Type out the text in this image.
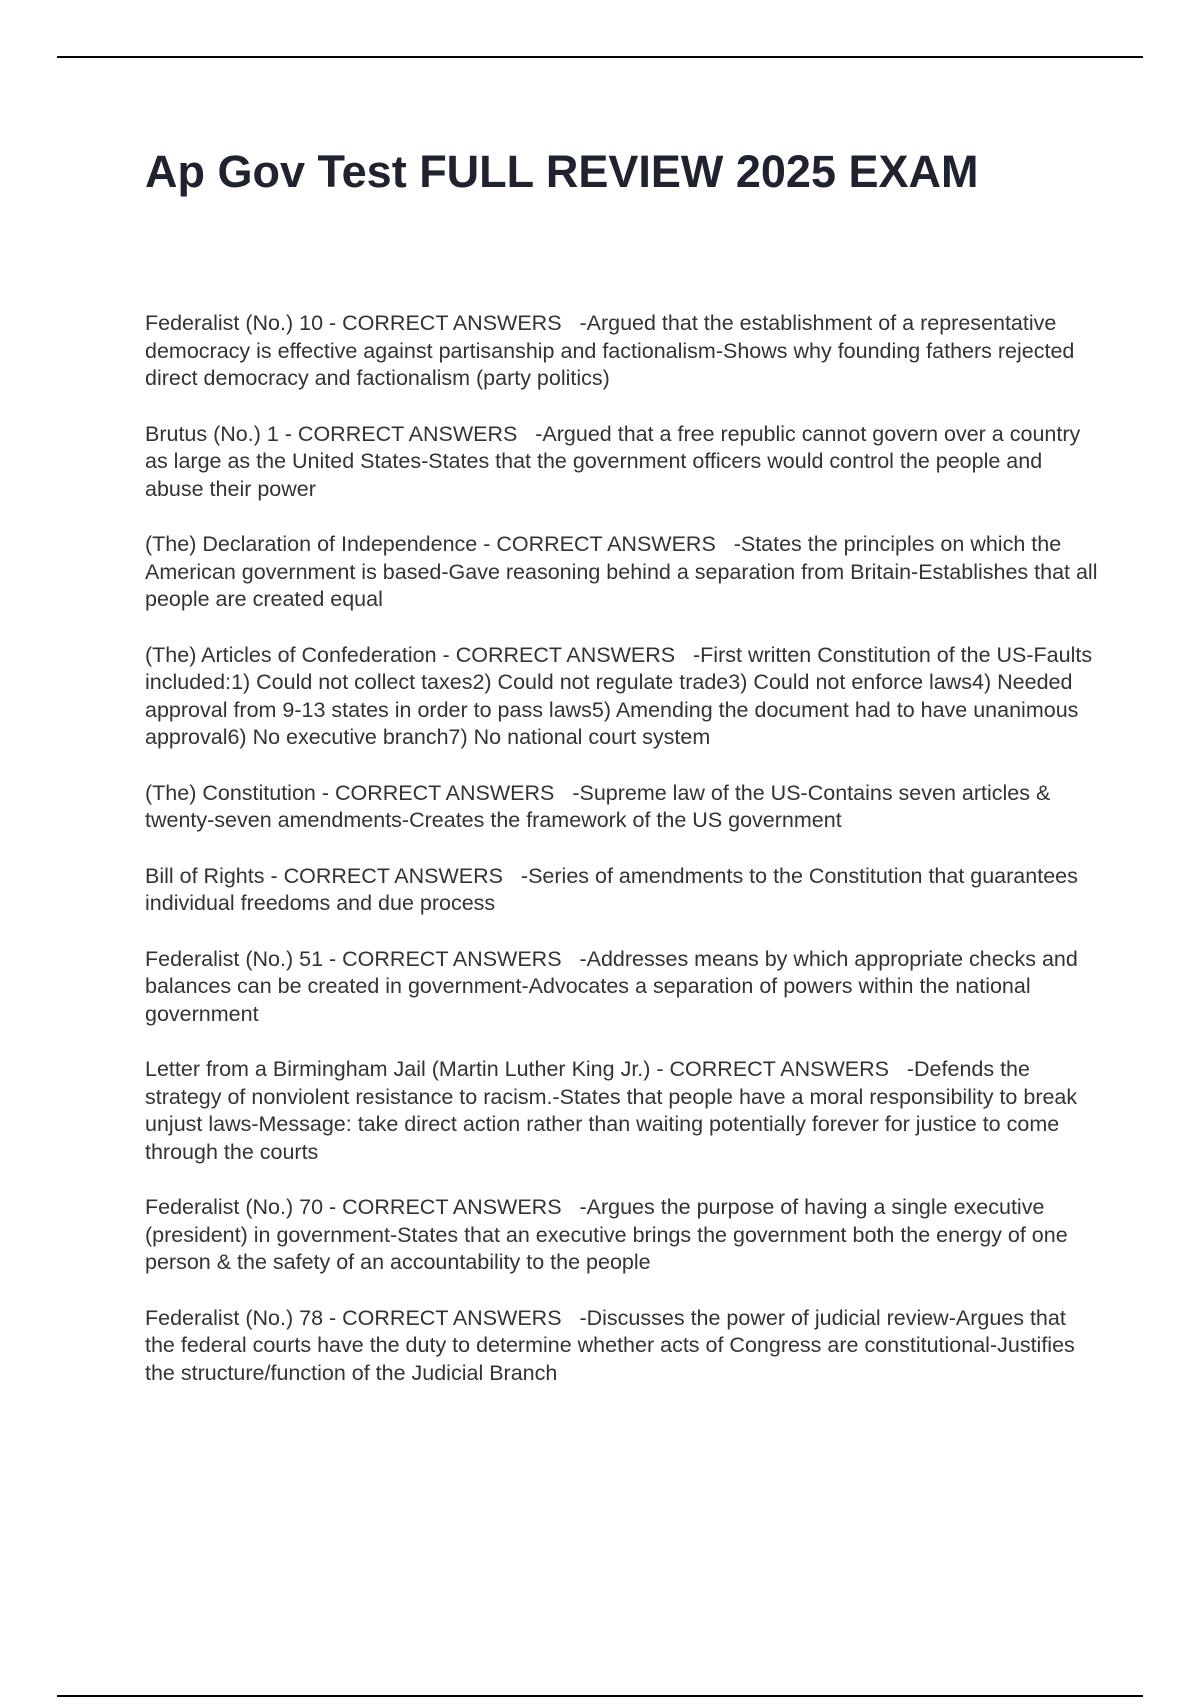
Ap Gov Test FULL REVIEW 2025 EXAM

Federalist (No.) 10 - CORRECT ANSWERS   -Argued that the establishment of a representative democracy is effective against partisanship and factionalism-Shows why founding fathers rejected direct democracy and factionalism (party politics)

Brutus (No.) 1 - CORRECT ANSWERS   -Argued that a free republic cannot govern over a country as large as the United States-States that the government officers would control the people and abuse their power

(The) Declaration of Independence - CORRECT ANSWERS   -States the principles on which the American government is based-Gave reasoning behind a separation from Britain-Establishes that all people are created equal

(The) Articles of Confederation - CORRECT ANSWERS   -First written Constitution of the US-Faults included:1) Could not collect taxes2) Could not regulate trade3) Could not enforce laws4) Needed approval from 9-13 states in order to pass laws5) Amending the document had to have unanimous approval6) No executive branch7) No national court system

(The) Constitution - CORRECT ANSWERS   -Supreme law of the US-Contains seven articles & twenty-seven amendments-Creates the framework of the US government

Bill of Rights - CORRECT ANSWERS   -Series of amendments to the Constitution that guarantees individual freedoms and due process

Federalist (No.) 51 - CORRECT ANSWERS   -Addresses means by which appropriate checks and balances can be created in government-Advocates a separation of powers within the national government

Letter from a Birmingham Jail (Martin Luther King Jr.) - CORRECT ANSWERS   -Defends the strategy of nonviolent resistance to racism.-States that people have a moral responsibility to break unjust laws-Message: take direct action rather than waiting potentially forever for justice to come through the courts

Federalist (No.) 70 - CORRECT ANSWERS   -Argues the purpose of having a single executive (president) in government-States that an executive brings the government both the energy of one person & the safety of an accountability to the people

Federalist (No.) 78 - CORRECT ANSWERS   -Discusses the power of judicial review-Argues that the federal courts have the duty to determine whether acts of Congress are constitutional-Justifies the structure/function of the Judicial Branch
